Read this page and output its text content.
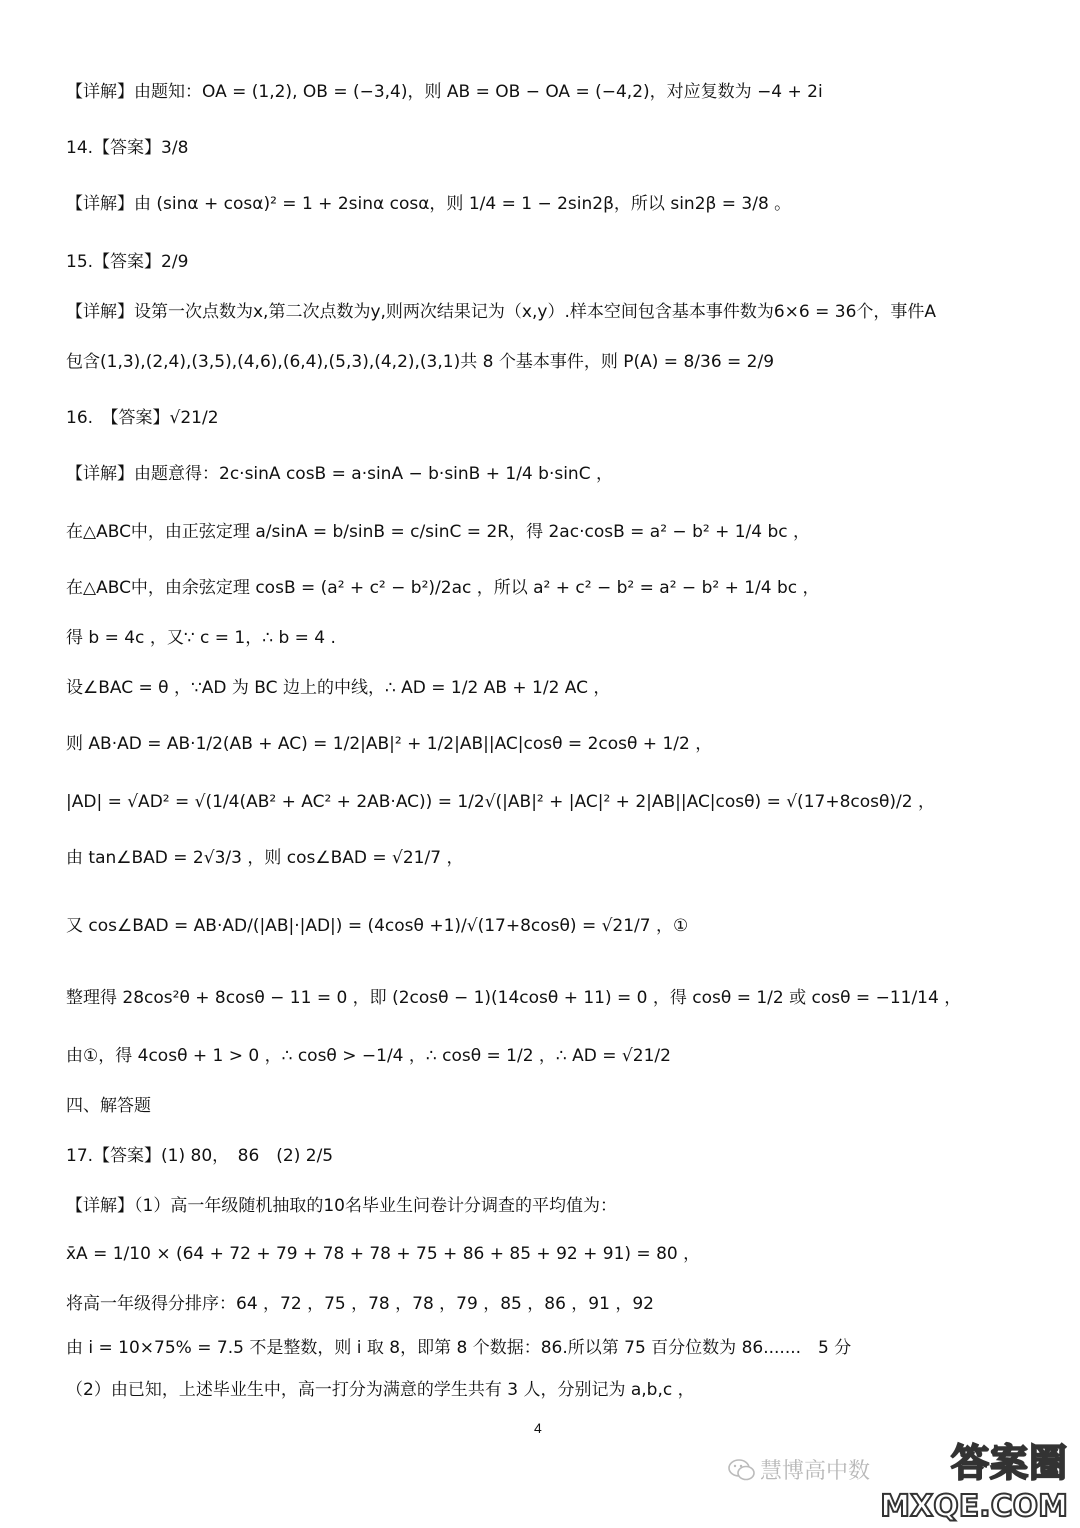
【详解】由题知：OA = (1,2), OB = (−3,4)，则 AB = OB − OA = (−4,2)，对应复数为 −4 + 2i
14.【答案】3/8
【详解】由 (sinα + cosα)² = 1 + 2sinα cosα，则 1/4 = 1 − 2sin2β，所以 sin2β = 3/8 。
15.【答案】2/9
【详解】设第一次点数为x,第二次点数为y,则两次结果记为（x,y）.样本空间包含基本事件数为6×6 = 36个，事件A
包含(1,3),(2,4),(3,5),(4,6),(6,4),(5,3),(4,2),(3,1)共 8 个基本事件，则 P(A) = 8/36 = 2/9
16.　【答案】√21/2
【详解】由题意得：2c·sinA cosB = a·sinA − b·sinB + 1/4 b·sinC ，
在△ABC中，由正弦定理 a/sinA = b/sinB = c/sinC = 2R，得 2ac·cosB = a² − b² + 1/4 bc ，
在△ABC中，由余弦定理 cosB = (a² + c² − b²)/2ac ，所以 a² + c² − b² = a² − b² + 1/4 bc ，
得 b = 4c ，又∵ c = 1，∴ b = 4 .
设∠BAC = θ ，∵AD 为 BC 边上的中线，∴ AD = 1/2 AB + 1/2 AC ，
则 AB·AD = AB·1/2(AB + AC) = 1/2|AB|² + 1/2|AB||AC|cosθ = 2cosθ + 1/2 ，
|AD| = √AD² = √(1/4(AB² + AC² + 2AB·AC)) = 1/2√(|AB|² + |AC|² + 2|AB||AC|cosθ) = √(17+8cosθ)/2 ，
由 tan∠BAD = 2√3/3 ，则 cos∠BAD = √21/7 ，
又 cos∠BAD = AB·AD/(|AB|·|AD|) = (4cosθ +1)/√(17+8cosθ) = √21/7 ，①
整理得 28cos²θ + 8cosθ − 11 = 0 ，即 (2cosθ − 1)(14cosθ + 11) = 0 ，得 cosθ = 1/2 或 cosθ = −11/14 ，
由①，得 4cosθ + 1 > 0 ，∴ cosθ > −1/4 ，∴ cosθ = 1/2 ，∴ AD = √21/2
四、解答题
17.【答案】(1) 80，　86　(2) 2/5
【详解】（1）高一年级随机抽取的10名毕业生问卷计分调查的平均值为：
x̄A = 1/10 × (64 + 72 + 79 + 78 + 78 + 75 + 86 + 85 + 92 + 91) = 80 ，
将高一年级得分排序：64 ，72 ，75 ，78 ，78 ，79 ，85 ，86 ，91 ，92
由 i = 10×75% = 7.5 不是整数，则 i 取 8，即第 8 个数据：86.所以第 75 百分位数为 86.......　5 分
（2）由已知，上述毕业生中，高一打分为满意的学生共有 3 人，分别记为 a,b,c ，
4
慧博高中数 答案圈
MXQE.COM
